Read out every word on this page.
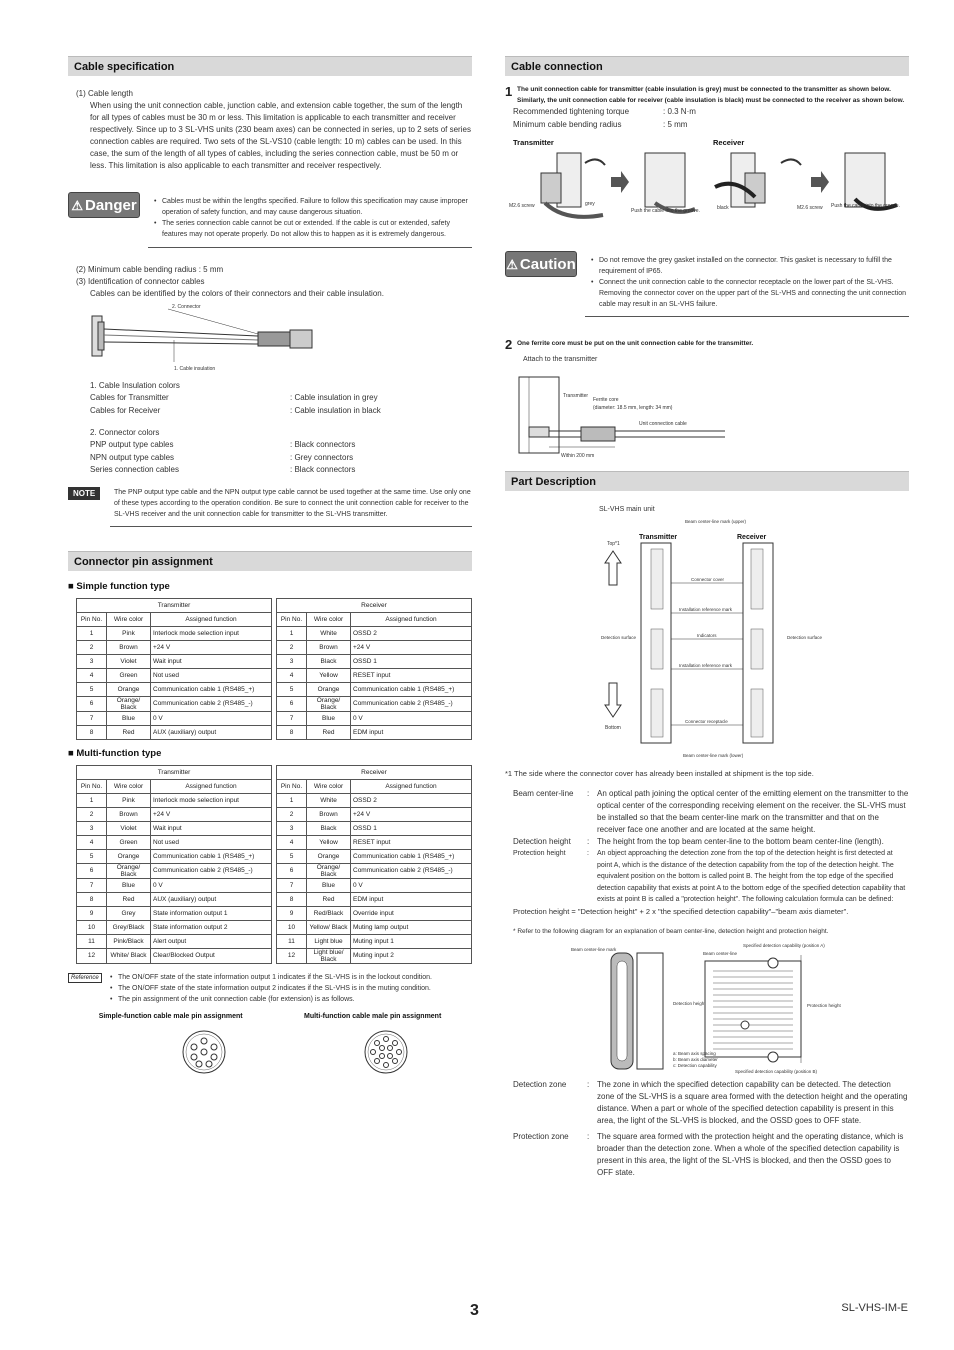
Cable specification
(1) Cable length
When using the unit connection cable, junction cable, and extension cable together, the sum of the length for all types of cables must be 30 m or less. This limitation is applicable to each transmitter and receiver respectively. Since up to 3 SL-VHS units (230 beam axes) can be connected in series, up to 2 sets of series connection cables are required. Two sets of the SL-VS10 (cable length: 10 m) cables can be used. In this case, the sum of the length of all types of cables, including the series connection cable, must be 50 m or less. This limitation is also applicable to each transmitter and receiver respectively.
⚠ Danger	• Cables must be within the lengths specified. Failure to follow this specification may cause improper operation of safety function, and may cause dangerous situation.
• The series connection cable cannot be cut or extended. If the cable is cut or extended, safety features may not operate properly. Do not allow this to happen as it is extremely dangerous.
(2) Minimum cable bending radius : 5 mm
(3) Identification of connector cables
Cables can be identified by the colors of their connectors and their cable insulation.
2. Connector
1. Cable insulation
1. Cable Insulation colors
Cables for Transmitter	: Cable insulation in grey
Cables for Receiver	: Cable insulation in black
2. Connector colors
PNP output type cables	: Black connectors
NPN output type cables	: Grey connectors
Series connection cables	: Black connectors
NOTE	The PNP output type cable and the NPN output type cable cannot be used together at the same time. Use only one of these types according to the operation condition. Be sure to connect the unit connection cable for receiver to the SL-VHS receiver and the unit connection cable for transmitter to the SL-VHS transmitter.
Connector pin assignment
■ Simple function type
Transmitter		
Pin No.	Wire color	Assigned function
1	Pink	Interlock mode selection input
2	Brown	+24 V
3	Violet	Wait input
4	Green	Not used
5	Orange	Communication cable 1 (RS485_+)
6	Orange/ Black	Communication cable 2 (RS485_-)
7	Blue	0 V
8	Red	AUX (auxiliary) output
Receiver		
Pin No.	Wire color	Assigned function
1	White	OSSD 2
2	Brown	+24 V
3	Black	OSSD 1
4	Yellow	RESET input
5	Orange	Communication cable 1 (RS485_+)
6	Orange/ Black	Communication cable 2 (RS485_-)
7	Blue	0 V
8	Red	EDM input
■ Multi-function type
Transmitter		
Pin No.	Wire color	Assigned function
1	Pink	Interlock mode selection input
2	Brown	+24 V
3	Violet	Wait input
4	Green	Not used
5	Orange	Communication cable 1 (RS485_+)
6	Orange/ Black	Communication cable 2 (RS485_-)
7	Blue	0 V
8	Red	AUX (auxiliary) output
9	Grey	State information output 1
10	Grey/Black	State information output 2
11	Pink/Black	Alert output
12	White/ Black	Clear/Blocked Output
Receiver		
Pin No.	Wire color	Assigned function
1	White	OSSD 2
2	Brown	+24 V
3	Black	OSSD 1
4	Yellow	RESET input
5	Orange	Communication cable 1 (RS485_+)
6	Orange/ Black	Communication cable 2 (RS485_-)
7	Blue	0 V
8	Red	EDM input
9	Red/Black	Override input
10	Yellow/ Black	Muting lamp output
11	Light blue	Muting input 1
12	Light blue/ Black	Muting input 2
Reference	• The ON/OFF state of the state information output 1 indicates if the SL-VHS is in the lockout condition.
• The ON/OFF state of the state information output 2 indicates if the SL-VHS is in the muting condition.
• The pin assignment of the unit connection cable (for extension) is as follows.
Simple-function cable male pin assignment	Multi-function cable male pin assignment
Cable connection
1 The unit connection cable for transmitter (cable insulation is grey) must be connected to the transmitter as shown below. Similarly, the unit connection cable for receiver (cable insulation is black) must be connected to the receiver as shown below.
Recommended tightening torque	: 0.3 N·m
Minimum cable bending radius	: 5 mm
Transmitter	Receiver
M2.6 screw	grey
Push the cable into the groove.	black	M2.6 screw Push the cable into the groove.
⚠ Caution	• Do not remove the grey gasket installed on the connector. This gasket is necessary to fulfill the requirement of IP65.
• Connect the unit connection cable to the connector receptacle on the lower part of the SL-VHS. Removing the connector cover on the upper part of the SL-VHS and connecting the unit connection cable may result in an SL-VHS failure.
2 One ferrite core must be put on the unit connection cable for the transmitter.
Attach to the transmitter
Transmitter
Ferrite core
(diameter: 18.5 mm, length: 34 mm)
Unit connection cable
Within 200 mm
Part Description
SL-VHS main unit
Transmitter	Receiver
Beam center-line mark (upper)
Top*1
Bottom
Connector cover
Installation reference mark
Indicators
Installation reference mark
Connector receptacle
Detection surface	Detection surface
Beam center-line mark (lower)
*1 The side where the connector cover has already been installed at shipment is the top side.
Beam center-line	: An optical path joining the optical center of the emitting element on the transmitter to the optical center of the corresponding receiving element on the receiver. the SL-VHS must be installed so that the beam center-line mark on the transmitter and that on the receiver face one another and are located at the same height.
Detection height	: The height from the top beam center-line to the bottom beam center-line (length).
Protection height	:	An object approaching the detection zone from the top of the detection height is first detected at point A, which is the distance of the detection capability from the top of the detection height. The equivalent position on the bottom is called point B. The height from the top edge of the specified detection capability that exists at point A to the bottom edge of the specified detection capability that exists at point B is called a "protection height". The following calculation formula can be defined:
Protection height = "Detection height" + 2 x "the specified detection capability"–"beam axis diameter".
* Refer to the following diagram for an explanation of beam center-line, detection height and protection height.
Beam center-line mark
Beam center-line
Specified detection capability (position A)
Specified detection capability (position B)
Detection height	Protection height
a: Beam axis spacing
b: Beam axis diameter
c: Detection capability
Detection zone	: The zone in which the specified detection capability can be detected. The detection zone of the SL-VHS is a square area formed with the detection height and the operating distance. When a part or whole of the specified detection capability is present in this area, the light of the SL-VHS is blocked, and the OSSD goes to OFF state.
Protection zone	: The square area formed with the protection height and the operating distance, which is broader than the detection zone. When a whole of the specified detection capability is present in this area, the light of the SL-VHS is blocked, and then the OSSD goes to OFF state.
3	SL-VHS-IM-E
